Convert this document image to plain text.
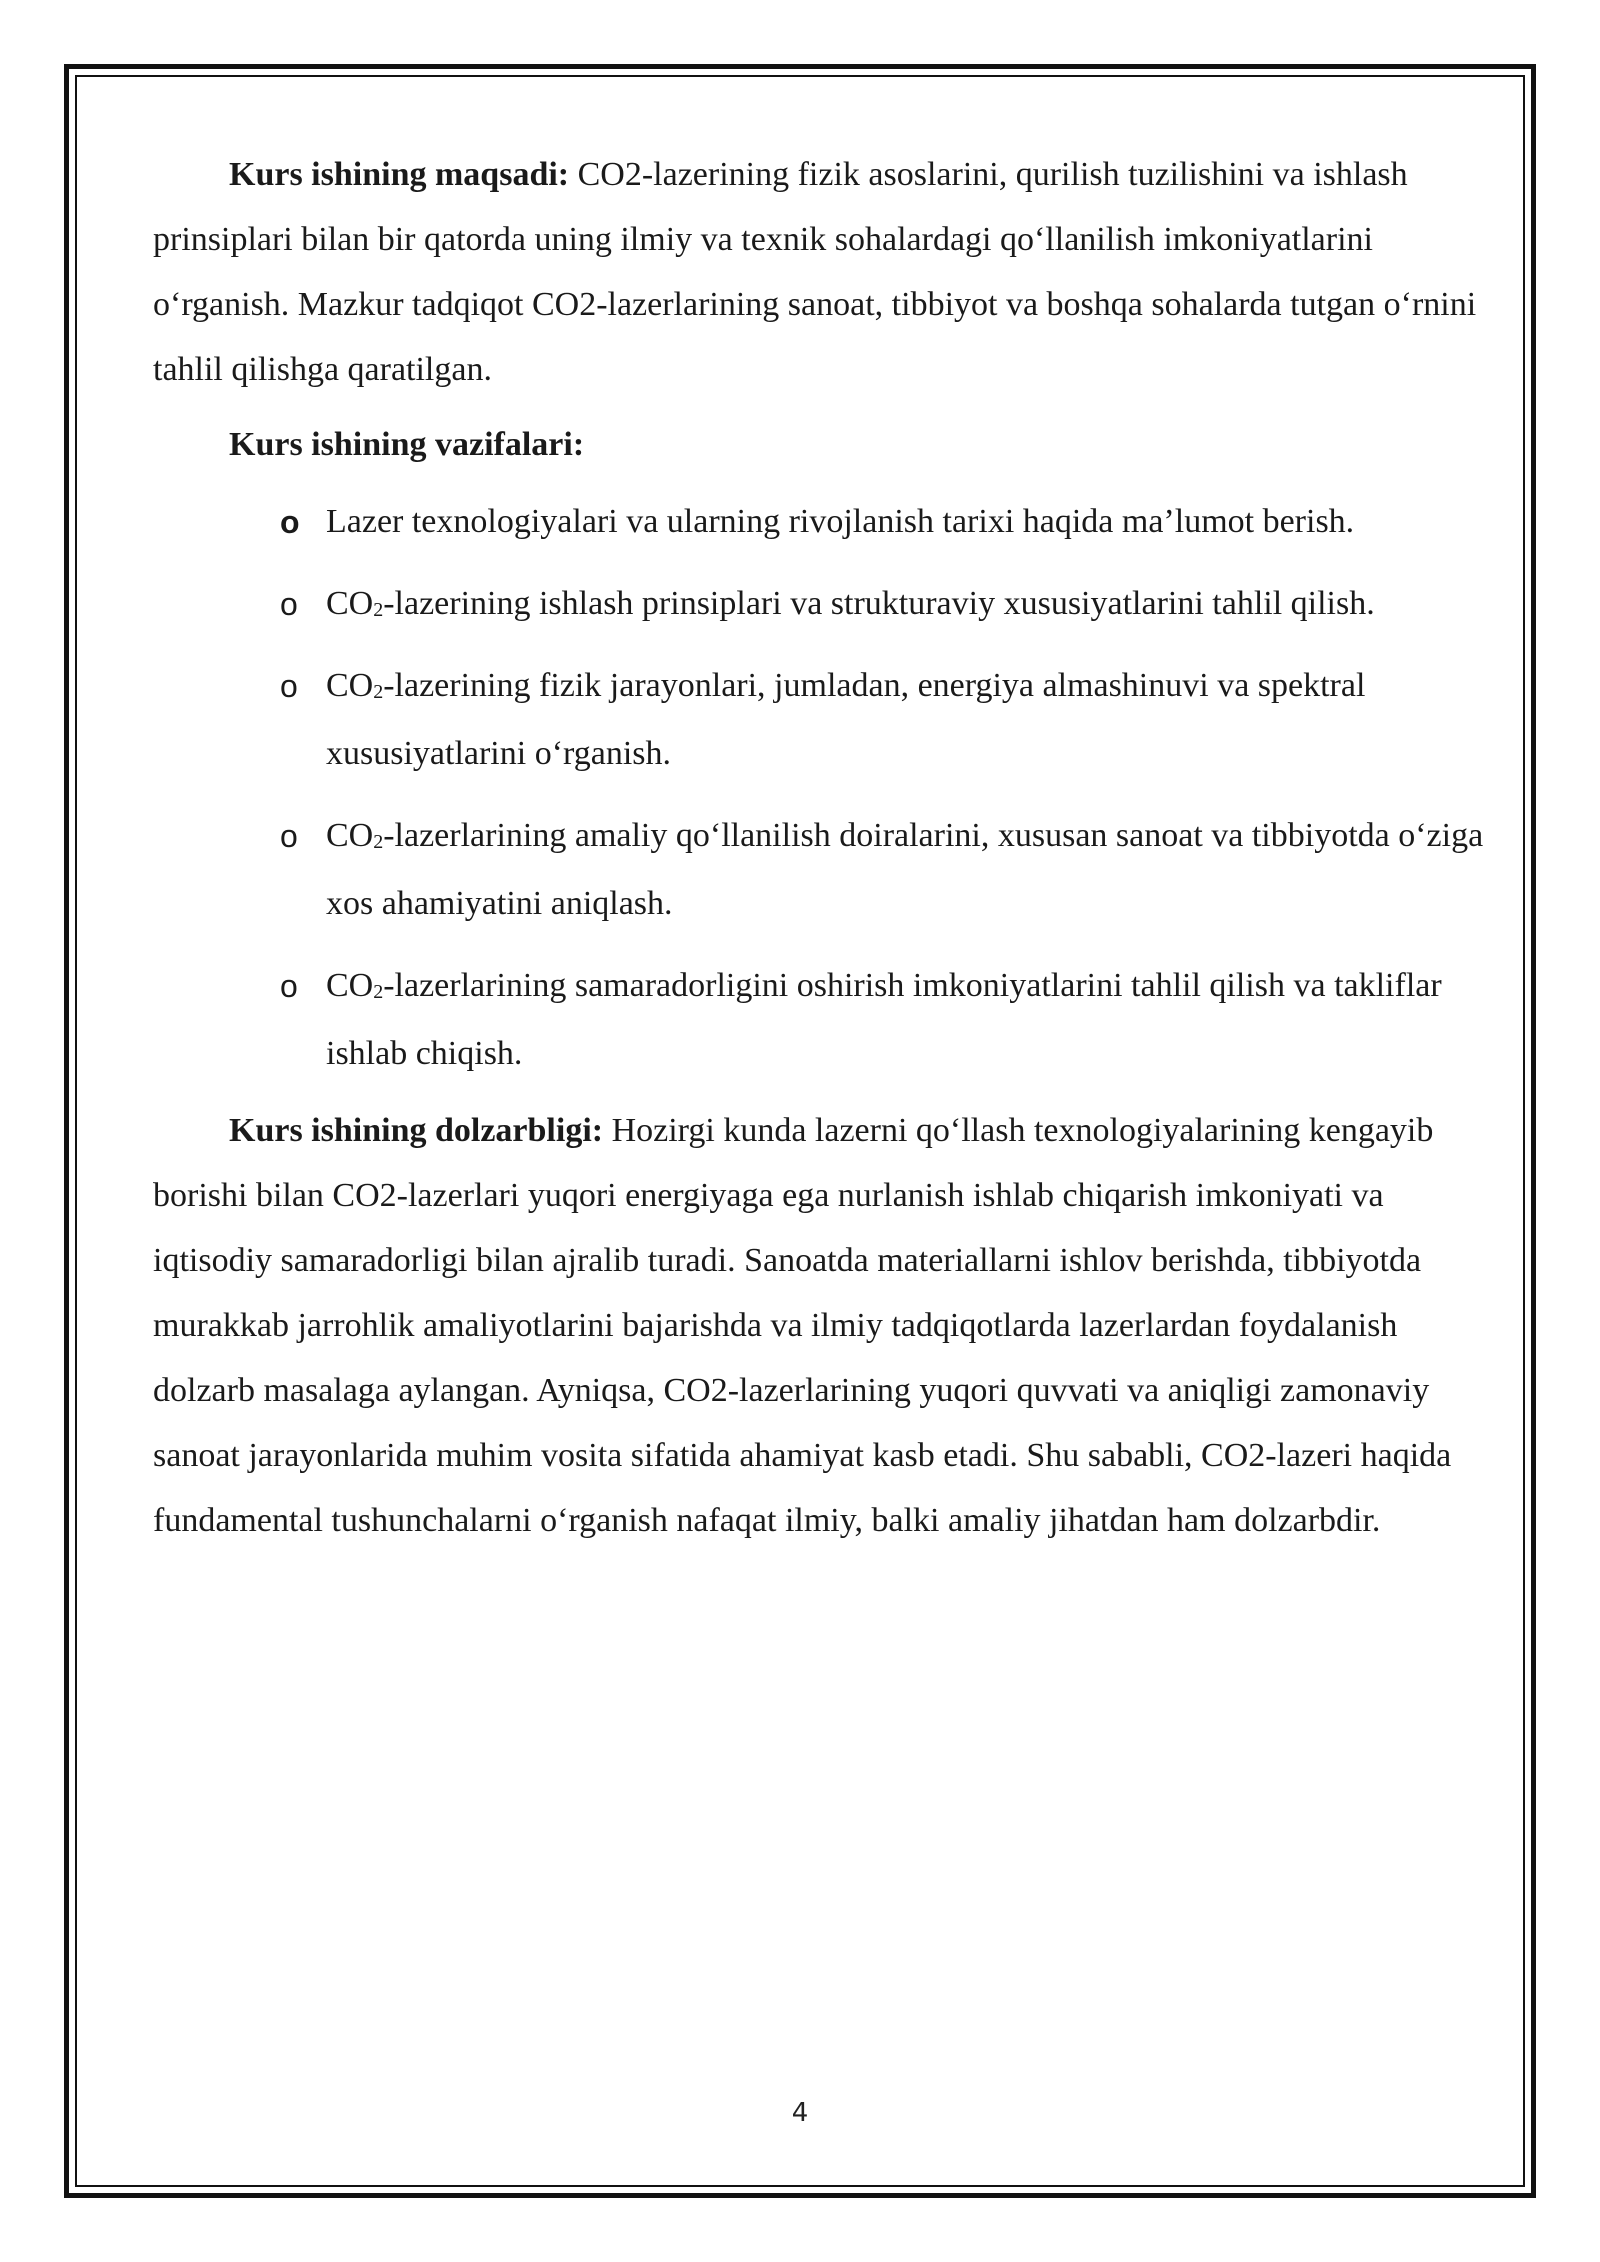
Kurs ishining maqsadi: CO2-lazerining fizik asoslarini, qurilish tuzilishini va ishlash prinsiplari bilan bir qatorda uning ilmiy va texnik sohalardagi qo‘llanilish imkoniyatlarini o‘rganish. Mazkur tadqiqot CO2-lazerlarining sanoat, tibbiyot va boshqa sohalarda tutgan o‘rnini tahlil qilishga qaratilgan.

Kurs ishining vazifalari:

o Lazer texnologiyalari va ularning rivojlanish tarixi haqida ma’lumot berish.
o $CO_2$-lazerining ishlash prinsiplari va strukturaviy xususiyatlarini tahlil qilish.
o $CO_2$-lazerining fizik jarayonlari, jumladan, energiya almashinuvi va spektral xususiyatlarini o‘rganish.
o $CO_2$-lazerlarining amaliy qo‘llanilish doiralarini, xususan sanoat va tibbiyotda o‘ziga xos ahamiyatini aniqlash.
o $CO_2$-lazerlarining samaradorligini oshirish imkoniyatlarini tahlil qilish va takliflar ishlab chiqish.

Kurs ishining dolzarbligi: Hozirgi kunda lazerni qo‘llash texnologiyalarining kengayib borishi bilan CO2-lazerlari yuqori energiyaga ega nurlanish ishlab chiqarish imkoniyati va iqtisodiy samaradorligi bilan ajralib turadi. Sanoatda materiallarni ishlov berishda, tibbiyotda murakkab jarrohlik amaliyotlarini bajarishda va ilmiy tadqiqotlarda lazerlardan foydalanish dolzarb masalaga aylangan. Ayniqsa, CO2-lazerlarining yuqori quvvati va aniqligi zamonaviy sanoat jarayonlarida muhim vosita sifatida ahamiyat kasb etadi. Shu sababli, CO2-lazeri haqida fundamental tushunchalarni o‘rganish nafaqat ilmiy, balki amaliy jihatdan ham dolzarbdir.

4
